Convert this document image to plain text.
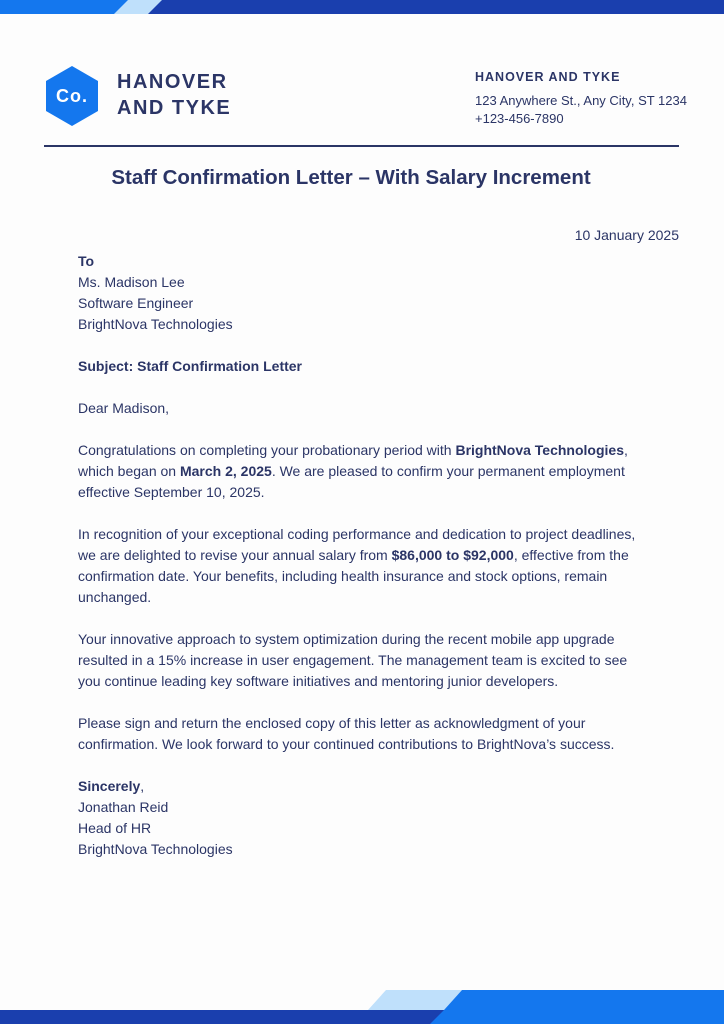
Co.
HANOVER
AND TYKE
HANOVER AND TYKE
123 Anywhere St., Any City, ST 1234
+123-456-7890
Staff Confirmation Letter – With Salary Increment
10 January 2025

To

Ms. Madison Lee

Software Engineer

BrightNova Technologies

Subject: Staff Confirmation Letter
Dear Madison,

Congratulations on completing your probationary period with BrightNova Technologies, which began on March 2, 2025. We are pleased to confirm your permanent employment effective September 10, 2025.

In recognition of your exceptional coding performance and dedication to project deadlines, we are delighted to revise your annual salary from $86,000 to $92,000, effective from the confirmation date. Your benefits, including health insurance and stock options, remain unchanged.

Your innovative approach to system optimization during the recent mobile app upgrade resulted in a 15% increase in user engagement. The management team is excited to see you continue leading key software initiatives and mentoring junior developers.
Please sign and return the enclosed copy of this letter as acknowledgment of your confirmation. We look forward to your continued contributions to BrightNova’s success.

Sincerely,

Jonathan Reid

Head of HR

BrightNova Technologies
